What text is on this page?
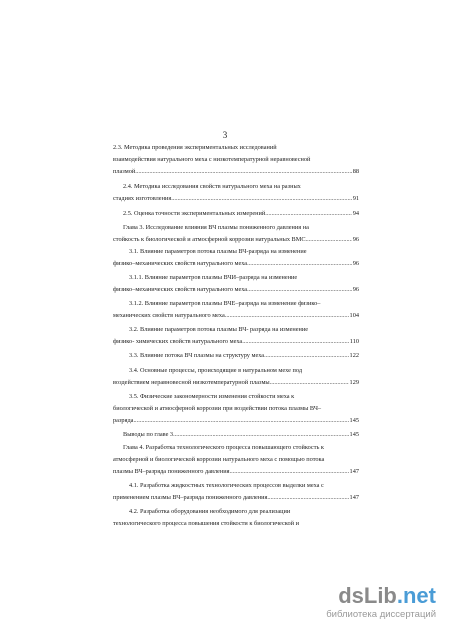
3
2.3. Методика проведения экспериментальных исследований
взаимодействия натурального меха с низкотемпературной неравновесной
плазмой .....	88
2.4. Методика исследования свойств натурального меха на разных
стадиях изготовления .....	91
2.5. Оценка точности экспериментальных измерений .....	94
Глава 3. Исследование влияния ВЧ плазмы пониженного давления на
стойкость к биологической и атмосферной коррозии натуральных ВМС .....	96
3.1. Влияние параметров потока плазмы ВЧ-разряда на изменение
физико–механических свойств натурального меха .....	96
3.1.1. Влияние параметров плазмы ВЧИ–разряда на изменение
физико–механических свойств натурального меха .....	96
3.1.2. Влияние параметров плазмы ВЧЕ–разряда на изменение физико–
механических свойств натурального меха .....	104
3.2. Влияние параметров потока плазмы ВЧ- разряда на изменение
физико- химических свойств натурального меха .....	110
3.3. Влияние потока ВЧ плазмы на структуру меха .....	122
3.4. Основные процессы, происходящие в натуральном мехе под
воздействием неравновесной низкотемпературной плазмы .....	129
3.5. Физические закономерности изменения стойкости меха к
биологической и атмосферной коррозии при воздействии потока плазмы ВЧ–
разряда .....	145
Выводы по главе 3 .....	145
Глава 4. Разработка технологического процесса повышающего стойкость к
атмосферной и биологической коррозии натурального меха с помощью потока
плазмы ВЧ–разряда пониженного давления .....	147
4.1. Разработка жидкостных технологических процессов выделки меха с
применением плазмы ВЧ–разряда пониженного давления .....	147
4.2. Разработка оборудования необходимого для реализации
технологического процесса повышения стойкости к биологической и
dsLib.net
библиотека диссертаций
